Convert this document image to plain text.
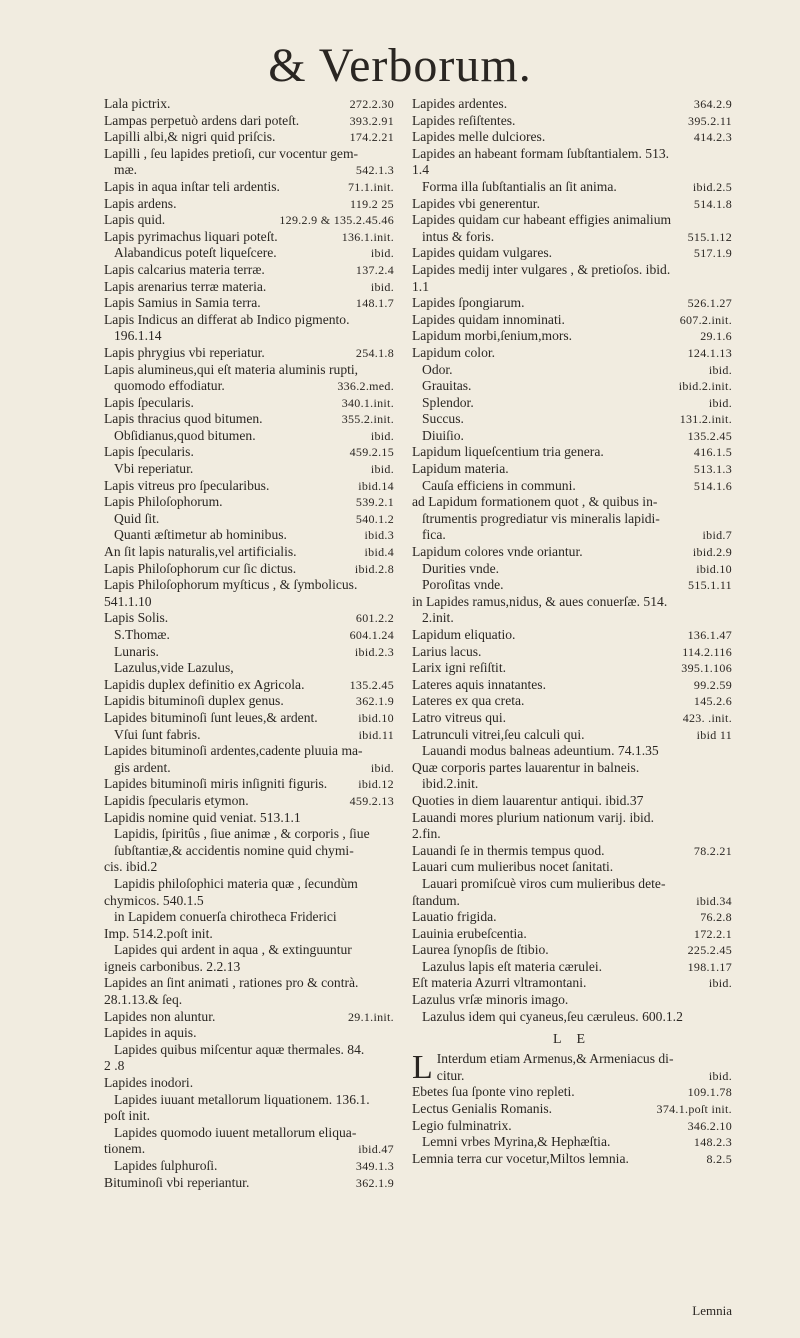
& Verborum.
Lala pictrix.	272.2.30
Lampas perpetuò ardens dari poteſt.	393.2.91
Lapilli albi,& nigri quid priſcis.	174.2.21
Lapilli , ſeu lapides pretioſi, cur vocentur gem-
mæ.	542.1.3
Lapis in aqua inſtar teli ardentis.	71.1.init.
Lapis ardens.	119.2 25
Lapis quid.	129.2.9 & 135.2.45.46
Lapis pyrimachus liquari poteſt.	136.1.init.
Alabandicus poteſt liqueſcere.	ibid.
Lapis calcarius materia terræ.	137.2.4
Lapis arenarius terræ materia.	ibid.
Lapis Samius in Samia terra.	148.1.7
Lapis Indicus an differat ab Indico pigmento.
196.1.14
Lapis phrygius vbi reperiatur.	254.1.8
Lapis alumineus,qui eſt materia aluminis rupti,
quomodo effodiatur.	336.2.med.
Lapis ſpecularis.	340.1.init.
Lapis thracius quod bitumen.	355.2.init.
Obſidianus,quod bitumen.	ibid.
Lapis ſpecularis.	459.2.15
Vbi reperiatur.	ibid.
Lapis vitreus pro ſpecularibus.	ibid.14
Lapis Philoſophorum.	539.2.1
Quid ſit.	540.1.2
Quanti æſtimetur ab hominibus.	ibid.3
An ſit lapis naturalis,vel artificialis.	ibid.4
Lapis Philoſophorum cur ſic dictus.	ibid.2.8
Lapis Philoſophorum myſticus , & ſymbolicus.
541.1.10
Lapis Solis.	601.2.2
S.Thomæ.	604.1.24
Lunaris.	ibid.2.3
Lazulus,vide Lazulus,
Lapidis duplex definitio ex Agricola.	135.2.45
Lapidis bituminoſi duplex genus.	362.1.9
Lapides bituminoſi ſunt leues,& ardent.	ibid.10
Vſui ſunt fabris.	ibid.11
Lapides bituminoſi ardentes,cadente pluuia ma-
gis ardent.	ibid.
Lapides bituminoſi miris inſigniti figuris.	ibid.12
Lapidis ſpecularis etymon.	459.2.13
Lapidis nomine quid veniat. 513.1.1
Lapidis, ſpiritûs , ſiue animæ , & corporis , ſiue
ſubſtantiæ,& accidentis nomine quid chymi-
cis. ibid.2
Lapidis philoſophici materia quæ , ſecundùm
chymicos. 540.1.5
in Lapidem conuerſa chirotheca Friderici
Imp. 514.2.poſt init.
Lapides qui ardent in aqua , & extinguuntur
igneis carbonibus. 2.2.13
Lapides an ſint animati , rationes pro & contrà.
28.1.13.& ſeq.
Lapides non aluntur.	29.1.init.
Lapides in aquis.
Lapides quibus miſcentur aquæ thermales. 84.
2 .8
Lapides inodori.
Lapides iuuant metallorum liquationem. 136.1.
poſt init.
Lapides quomodo iuuent metallorum eliqua-
tionem.	ibid.47
Lapides ſulphuroſi.	349.1.3
Bituminoſi vbi reperiantur.	362.1.9
Lapides ardentes.	364.2.9
Lapides reſiſtentes.	395.2.11
Lapides melle dulciores.	414.2.3
Lapides an habeant formam ſubſtantialem. 513.
1.4
Forma illa ſubſtantialis an ſit anima.	ibid.2.5
Lapides vbi generentur.	514.1.8
Lapides quidam cur habeant effigies animalium
intus & foris.	515.1.12
Lapides quidam vulgares.	517.1.9
Lapides medij inter vulgares , & pretioſos. ibid.
1.1
Lapides ſpongiarum.	526.1.27
Lapides quidam innominati.	607.2.init.
Lapidum morbi,ſenium,mors.	29.1.6
Lapidum color.	124.1.13
Odor.	ibid.
Grauitas.	ibid.2.init.
Splendor.	ibid.
Succus.	131.2.init.
Diuiſio.	135.2.45
Lapidum liqueſcentium tria genera.	416.1.5
Lapidum materia.	513.1.3
Cauſa efficiens in communi.	514.1.6
ad Lapidum formationem quot , & quibus in-
ſtrumentis progrediatur vis mineralis lapidi-
fica.	ibid.7
Lapidum colores vnde oriantur.	ibid.2.9
Durities vnde.	ibid.10
Poroſitas vnde.	515.1.11
in Lapides ramus,nidus, & aues conuerſæ. 514.
2.init.
Lapidum eliquatio.	136.1.47
Larius lacus.	114.2.116
Larix igni reſiſtit.	395.1.106
Lateres aquis innatantes.	99.2.59
Lateres ex qua creta.	145.2.6
Latro vitreus qui.	423. .init.
Latrunculi vitrei,ſeu calculi qui.	ibid 11
Lauandi modus balneas adeuntium. 74.1.35
Quæ corporis partes lauarentur in balneis.
ibid.2.init.
Quoties in diem lauarentur antiqui. ibid.37
Lauandi mores plurium nationum varij. ibid.
2.fin.
Lauandi ſe in thermis tempus quod.	78.2.21
Lauari cum mulieribus nocet ſanitati.
Lauari promiſcuè viros cum mulieribus dete-
ſtandum.	ibid.34
Lauatio frigida.	76.2.8
Lauinia erubeſcentia.	172.2.1
Laurea ſynopſis de ſtibio.	225.2.45
Lazulus lapis eſt materia cærulei.	198.1.17
Eſt materia Azurri vltramontani.	ibid.
Lazulus vrſæ minoris imago.
Lazulus idem qui cyaneus,ſeu cæruleus. 600.1.2
L E
L Interdum etiam Armenus,& Armeniacus di-
citur.	ibid.
Ebetes ſua ſponte vino repleti.	109.1.78
Lectus Genialis Romanis.	374.1.poſt init.
Legio fulminatrix.	346.2.10
Lemni vrbes Myrina,& Hephæſtia.	148.2.3
Lemnia terra cur vocetur,Miltos lemnia.	8.2.5
Lemnia
